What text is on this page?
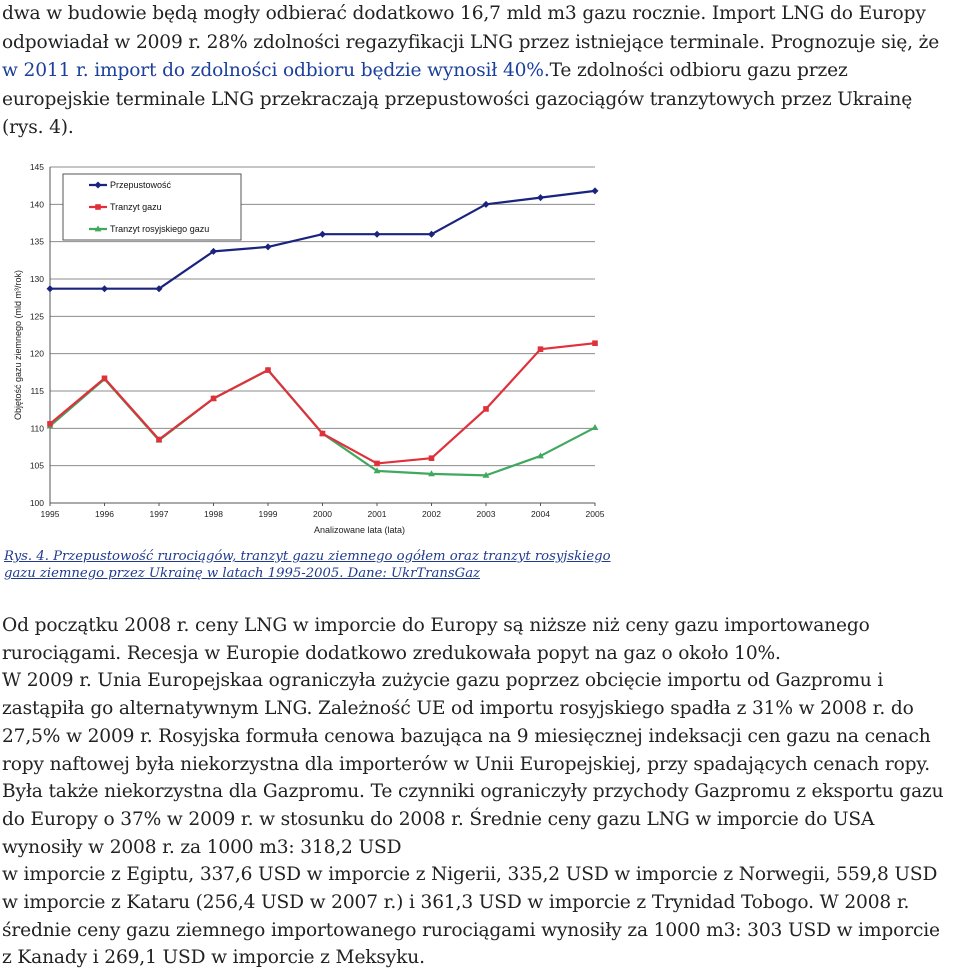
dwa w budowie będą mogły odbierać dodatkowo 16,7 mld m3 gazu rocznie. Import LNG do Europy
odpowiadał w 2009 r. 28% zdolności regazyfikacji LNG przez istniejące terminale. Prognozuje się, że
w 2011 r. import do zdolności odbioru będzie wynosił 40%.Te zdolności odbioru gazu przez
europejskie terminale LNG przekraczają przepustowości gazociągów tranzytowych przez Ukrainę
(rys. 4).
100
105
110
115
120
125
130
135
140
145
1995	1996	1997	1998	1999	2000	2001	2002	2003	2004	2005
Analizowane lata (lata)
Objętość gazu ziemnego (mld m³/rok)
Przepustowość
Tranzyt gazu
Tranzyt rosyjskiego gazu
Rys. 4. Przepustowość rurociągów, tranzyt gazu ziemnego ogółem oraz tranzyt rosyjskiego
gazu ziemnego przez Ukrainę w latach 1995-2005. Dane: UkrTransGaz
Od początku 2008 r. ceny LNG w imporcie do Europy są niższe niż ceny gazu importowanego
rurociągami. Recesja w Europie dodatkowo zredukowała popyt na gaz o około 10%.
W 2009 r. Unia Europejskaa ograniczyła zużycie gazu poprzez obcięcie importu od Gazpromu i
zastąpiła go alternatywnym LNG. Zależność UE od importu rosyjskiego spadła z 31% w 2008 r. do
27,5% w 2009 r. Rosyjska formuła cenowa bazująca na 9 miesięcznej indeksacji cen gazu na cenach
ropy naftowej była niekorzystna dla importerów w Unii Europejskiej, przy spadających cenach ropy.
Była także niekorzystna dla Gazpromu. Te czynniki ograniczyły przychody Gazpromu z eksportu gazu
do Europy o 37% w 2009 r. w stosunku do 2008 r. Średnie ceny gazu LNG w imporcie do USA
wynosiły w 2008 r. za 1000 m3: 318,2 USD
w imporcie z Egiptu, 337,6 USD w imporcie z Nigerii, 335,2 USD w imporcie z Norwegii, 559,8 USD
w imporcie z Kataru (256,4 USD w 2007 r.) i 361,3 USD w imporcie z Trynidad Tobogo. W 2008 r.
średnie ceny gazu ziemnego importowanego rurociągami wynosiły za 1000 m3: 303 USD w imporcie
z Kanady i 269,1 USD w imporcie z Meksyku.
